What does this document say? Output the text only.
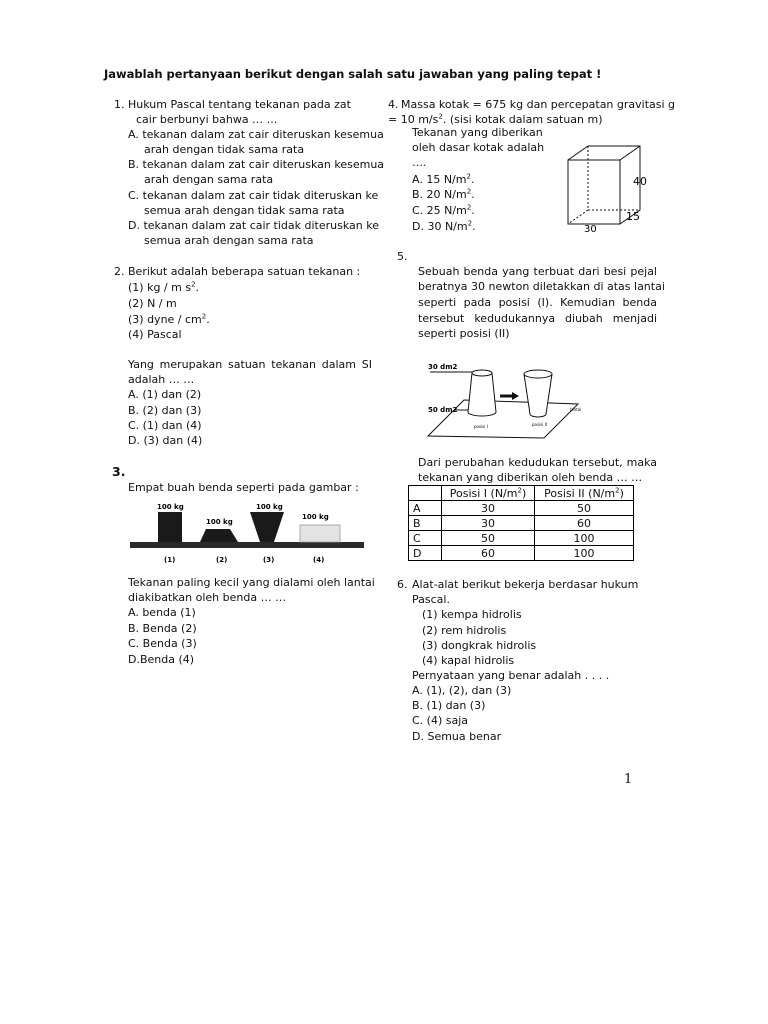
Jawablah pertanyaan berikut dengan salah satu jawaban yang paling tepat !
1. Hukum Pascal tentang tekanan pada zat
cair berbunyi bahwa … …
A. tekanan dalam zat cair diteruskan kesemua
arah dengan tidak sama rata
B. tekanan dalam zat cair diteruskan kesemua
arah dengan sama rata
C. tekanan dalam zat cair tidak diteruskan ke
semua arah dengan tidak sama rata
D. tekanan dalam zat cair tidak diteruskan ke
semua arah dengan sama rata
2. Berikut adalah beberapa satuan tekanan :
(1) kg / m $s^2$.
(2) N / m
(3) dyne / $cm^2$.
(4) Pascal
Yang merupakan satuan tekanan dalam SI
adalah … …
A. (1) dan (2)
B. (2) dan (3)
C. (1) dan (4)
D. (3) dan (4)
3.
Empat buah benda seperti pada gambar :
100 kg
100 kg
100 kg
100 kg
(1)	(2)	(3)	(4)
Tekanan paling kecil yang dialami oleh lantai
diakibatkan oleh benda … …
A. benda (1)
B. Benda (2)
C. Benda (3)
D.Benda (4)
4. Massa kotak = 675 kg dan percepatan gravitasi g
= 10 $m/s^2$. (sisi kotak dalam satuan m)
Tekanan yang diberikan
oleh dasar kotak adalah
….
A. 15 $N/m^2$.
B. 20 $N/m^2$.
C. 25 $N/m^2$.
D. 30 $N/m^2$.
40
15
30
5.
Sebuah benda yang terbuat dari besi pejal
beratnya 30 newton diletakkan di atas lantai
seperti pada posisi (I). Kemudian benda
tersebut kedudukannya diubah menjadi
seperti posisi (II)
30 dm2
50 dm2
posisi I	posisi II
lantai
Dari perubahan kedudukan tersebut, maka
tekanan yang diberikan oleh benda … …
	Posisi I $(N/m^2)$	Posisi II $(N/m^2)$
A	30	50
B	30	60
C	50	100
D	60	100
6. Alat-alat berikut bekerja berdasar hukum
Pascal.
(1) kempa hidrolis
(2) rem hidrolis
(3) dongkrak hidrolis
(4) kapal hidrolis
Pernyataan yang benar adalah . . . .
A. (1), (2), dan (3)
B. (1) dan (3)
C. (4) saja
D. Semua benar
1
